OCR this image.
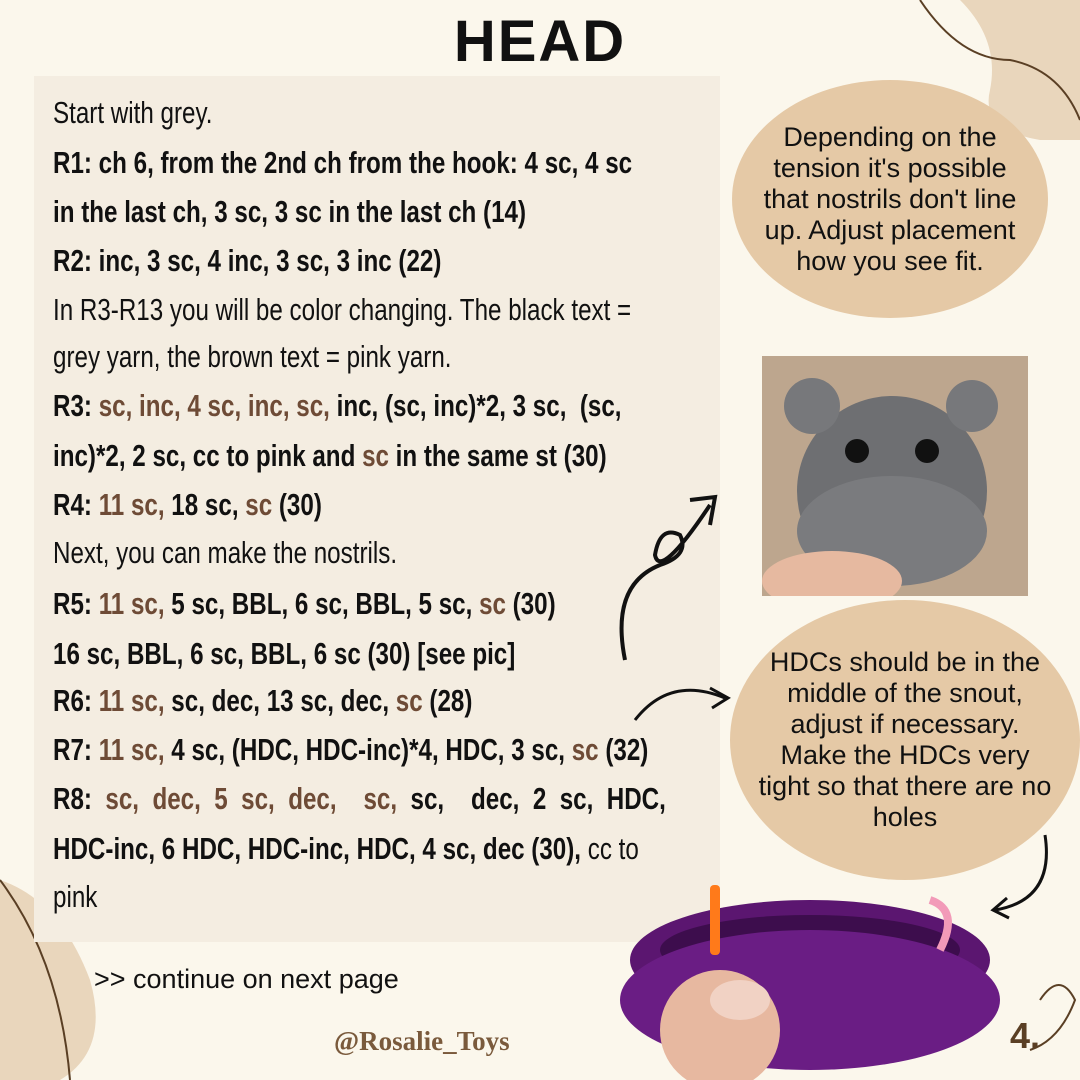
HEAD
Start with grey.
R1: ch 6, from the 2nd ch from the hook: 4 sc, 4 sc
in the last ch, 3 sc, 3 sc in the last ch (14)
R2: inc, 3 sc, 4 inc, 3 sc, 3 inc (22)
In R3-R13 you will be color changing. The black text =
grey yarn, the brown text = pink yarn.
R3: sc, inc, 4 sc, inc, sc, inc, (sc, inc)*2, 3 sc,  (sc,
inc)*2, 2 sc, cc to pink and sc in the same st (30)
R4: 11 sc, 18 sc, sc (30)
Next, you can make the nostrils.
R5: 11 sc, 5 sc, BBL, 6 sc, BBL, 5 sc, sc (30)
16 sc, BBL, 6 sc, BBL, 6 sc (30) [see pic]
R6: 11 sc, sc, dec, 13 sc, dec, sc (28)
R7: 11 sc, 4 sc, (HDC, HDC-inc)*4, HDC, 3 sc, sc (32)
R8:  sc,  dec,  5  sc,  dec,    sc,  sc,    dec,  2  sc,  HDC,
HDC-inc, 6 HDC, HDC-inc, HDC, 4 sc, dec (30), cc to
pink
Depending on the tension it's possible that nostrils don't line up. Adjust placement how you see fit.
HDCs should be in the middle of the snout, adjust if necessary. Make the HDCs very tight so that there are no holes
>> continue on next page
@Rosalie_Toys	4.
